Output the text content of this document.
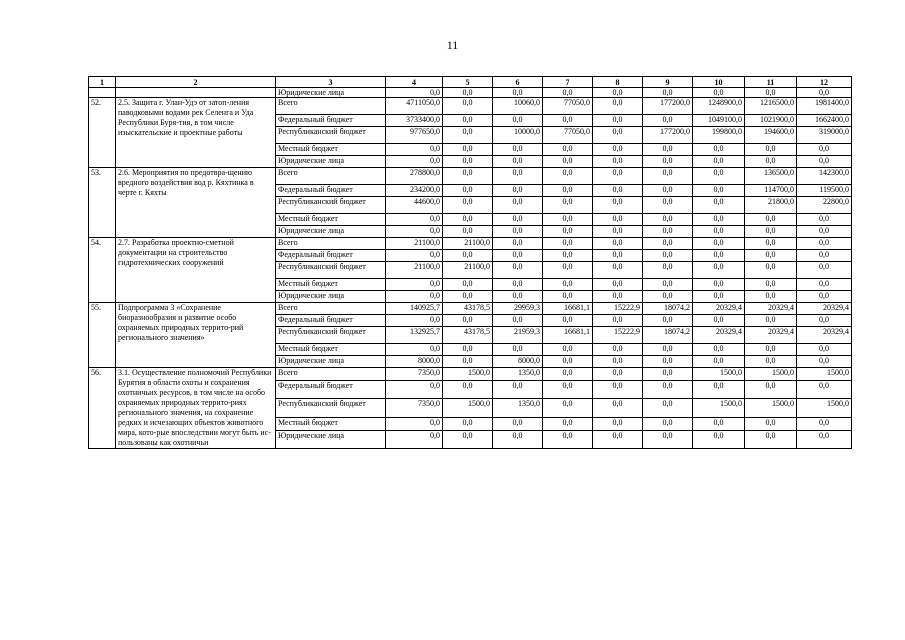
11
1	2	3	4	5	6	7	8	9	10	11	12
		Юридические лица	0,0	0,0	0,0	0,0	0,0	0,0	0,0	0,0	0,0
52.	2.5. Защита г. Улан-Удэ от затоп-ления паводковыми водами рек Селенга и Уда Республики Буря-тия, в том числе изыскательские и проектные работы	Всего	4711050,0	0,0	10060,0	77050,0	0,0	177200,0	1248900,0	1216500,0	1981400,0
		Федеральный бюджет	3733400,0	0,0	0,0	0,0	0,0	0,0	1049100,0	1021900,0	1662400,0
		Республиканский бюджет	977650,0	0,0	10000,0	77050,0	0,0	177200,0	199800,0	194600,0	319000,0
		Местный бюджет	0,0	0,0	0,0	0,0	0,0	0,0	0,0	0,0	0,0
		Юридические лица	0,0	0,0	0,0	0,0	0,0	0,0	0,0	0,0	0,0
53.	2.6. Мероприятия по предотвра-щению вредного воздействия вод р. Кяхтинка в черте г. Кяхты	Всего	278800,0	0,0	0,0	0,0	0,0	0,0	0,0	136500,0	142300,0
		Федеральный бюджет	234200,0	0,0	0,0	0,0	0,0	0,0	0,0	114700,0	119500,0
		Республиканский бюджет	44600,0	0,0	0,0	0,0	0,0	0,0	0,0	21800,0	22800,0
		Местный бюджет	0,0	0,0	0,0	0,0	0,0	0,0	0,0	0,0	0,0
		Юридические лица	0,0	0,0	0,0	0,0	0,0	0,0	0,0	0,0	0,0
54.	2.7. Разработка проектно-сметной документации на строительство гидротехнических сооружений	Всего	21100,0	21100,0	0,0	0,0	0,0	0,0	0,0	0,0	0,0
		Федеральный бюджет	0,0	0,0	0,0	0,0	0,0	0,0	0,0	0,0	0,0
		Республиканский бюджет	21100,0	21100,0	0,0	0,0	0,0	0,0	0,0	0,0	0,0
		Местный бюджет	0,0	0,0	0,0	0,0	0,0	0,0	0,0	0,0	0,0
		Юридические лица	0,0	0,0	0,0	0,0	0,0	0,0	0,0	0,0	0,0
55.	Подпрограмма 3 «Сохранение биоразнообразия и развитие особо охраняемых природных террито-рий регионального значения»	Всего	140925,7	43178,5	29959,3	16681,1	15222,9	18074,2	20329,4	20329,4	20329,4
		Федеральный бюджет	0,0	0,0	0,0	0,0	0,0	0,0	0,0	0,0	0,0
		Республиканский бюджет	132925,7	43178,5	21959,3	16681,1	15222,9	18074,2	20329,4	20329,4	20329,4
		Местный бюджет	0,0	0,0	0,0	0,0	0,0	0,0	0,0	0,0	0,0
		Юридические лица	8000,0	0,0	8000,0	0,0	0,0	0,0	0,0	0,0	0,0
56.	3.1. Осуществление полномочий Республики Бурятия в области охоты и сохранения охотничьих ресурсов, в том числе на особо охраняемых природных террито-риях регионального значения, на сохранение редких и исчезающих объектов животного мира, кото-рые впоследствии могут быть ис-пользованы как охотничьи	Всего	7350,0	1500,0	1350,0	0,0	0,0	0,0	1500,0	1500,0	1500,0
		Федеральный бюджет	0,0	0,0	0,0	0,0	0,0	0,0	0,0	0,0	0,0
		Республиканский бюджет	7350,0	1500,0	1350,0	0,0	0,0	0,0	1500,0	1500,0	1500,0
		Местный бюджет	0,0	0,0	0,0	0,0	0,0	0,0	0,0	0,0	0,0
		Юридические лица	0,0	0,0	0,0	0,0	0,0	0,0	0,0	0,0	0,0
